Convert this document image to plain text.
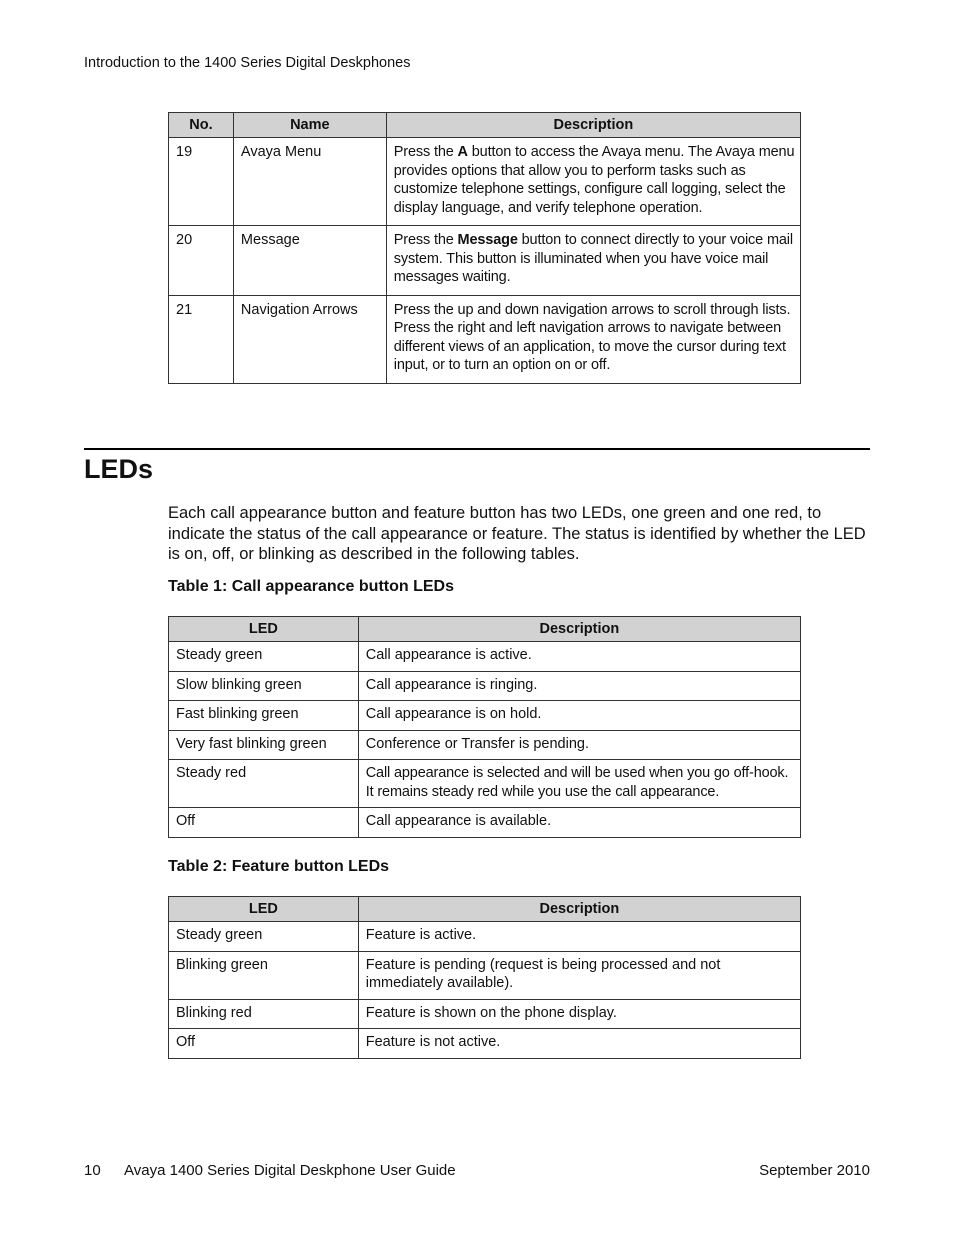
Introduction to the 1400 Series Digital Deskphones
No.	Name	Description
19	Avaya Menu	Press the A button to access the Avaya menu. The Avaya menu provides options that allow you to perform tasks such as customize telephone settings, configure call logging, select the display language, and verify telephone operation.
20	Message	Press the Message button to connect directly to your voice mail system. This button is illuminated when you have voice mail messages waiting.
21	Navigation Arrows	Press the up and down navigation arrows to scroll through lists. Press the right and left navigation arrows to navigate between different views of an application, to move the cursor during text input, or to turn an option on or off.
LEDs

Each call appearance button and feature button has two LEDs, one green and one red, to indicate the status of the call appearance or feature. The status is identified by whether the LED is on, off, or blinking as described in the following tables.

Table 1: Call appearance button LEDs

LED	Description
Steady green	Call appearance is active.
Slow blinking green	Call appearance is ringing.
Fast blinking green	Call appearance is on hold.
Very fast blinking green	Conference or Transfer is pending.
Steady red	Call appearance is selected and will be used when you go off-hook. It remains steady red while you use the call appearance.
Off	Call appearance is available.

Table 2: Feature button LEDs

LED	Description
Steady green	Feature is active.
Blinking green	Feature is pending (request is being processed and not immediately available).
Blinking red	Feature is shown on the phone display.
Off	Feature is not active.
10 Avaya 1400 Series Digital Deskphone User Guide	September 2010
